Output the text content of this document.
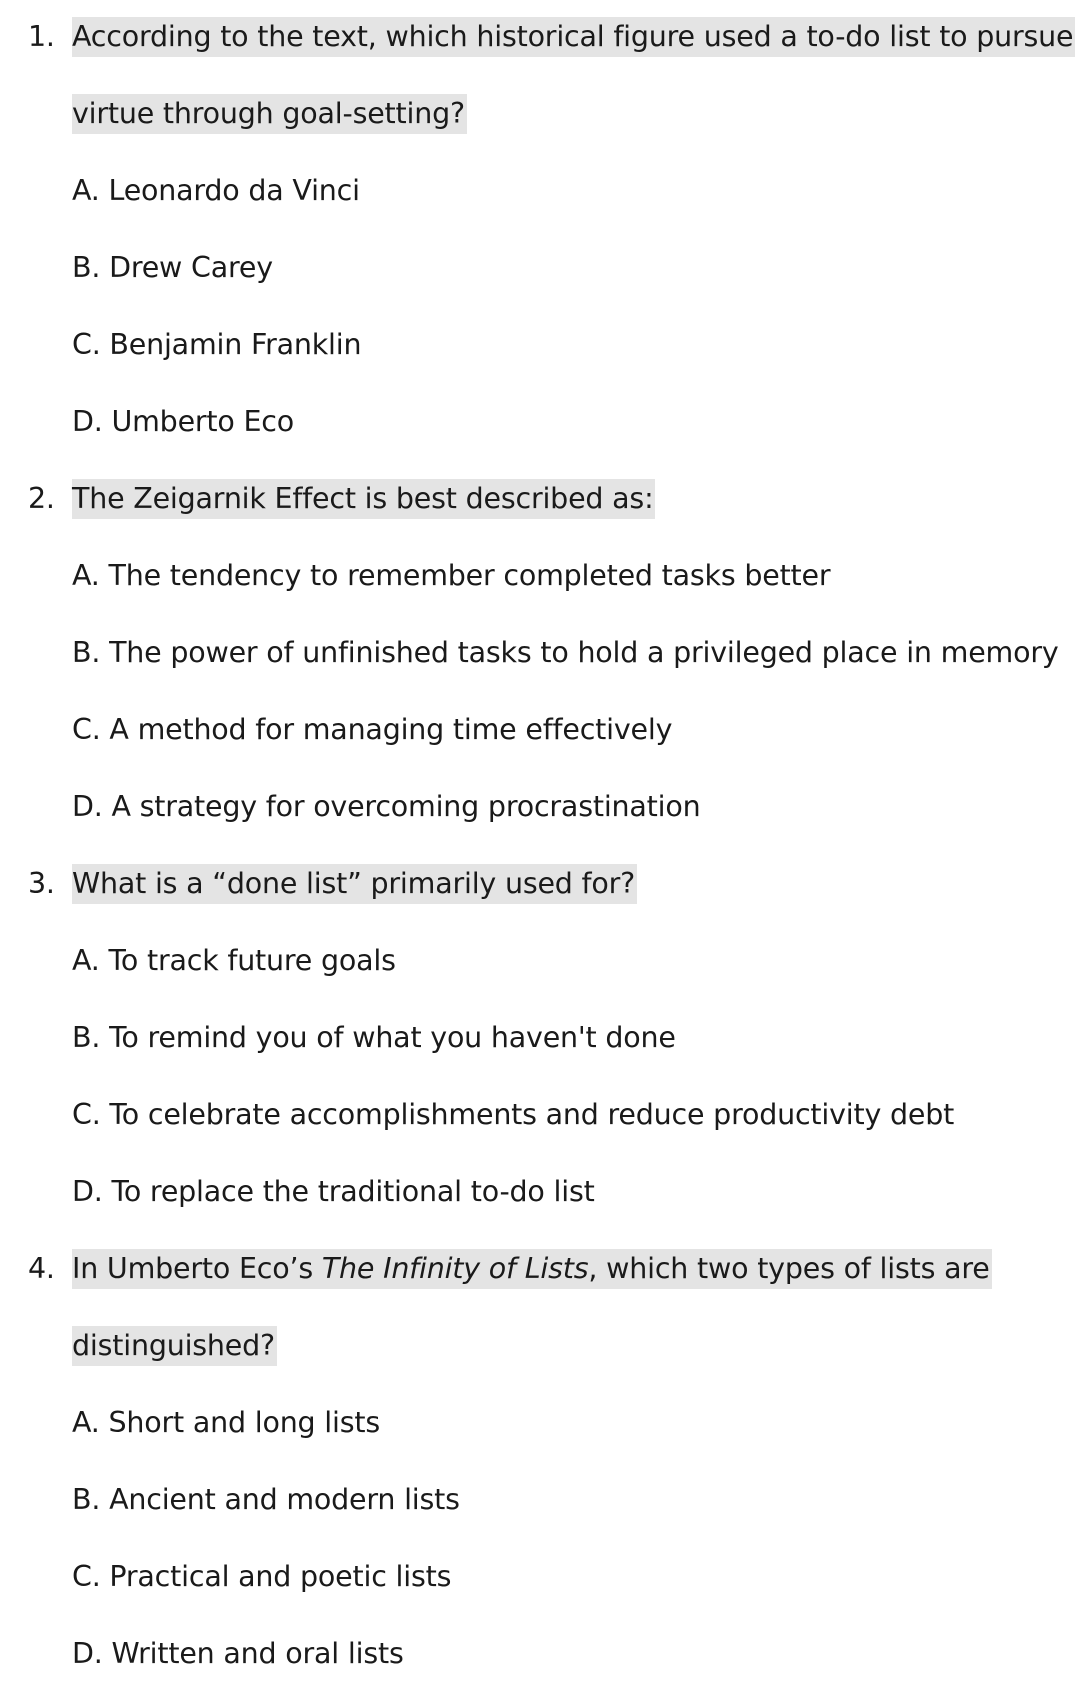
1. According to the text, which historical figure used a to-do list to pursue
virtue through goal-setting?
A. Leonardo da Vinci
B. Drew Carey
C. Benjamin Franklin
D. Umberto Eco
2. The Zeigarnik Effect is best described as:
A. The tendency to remember completed tasks better
B. The power of unfinished tasks to hold a privileged place in memory
C. A method for managing time effectively
D. A strategy for overcoming procrastination
3. What is a “done list” primarily used for?
A. To track future goals
B. To remind you of what you haven't done
C. To celebrate accomplishments and reduce productivity debt
D. To replace the traditional to-do list
4. In Umberto Eco’s The Infinity of Lists, which two types of lists are
distinguished?
A. Short and long lists
B. Ancient and modern lists
C. Practical and poetic lists
D. Written and oral lists
